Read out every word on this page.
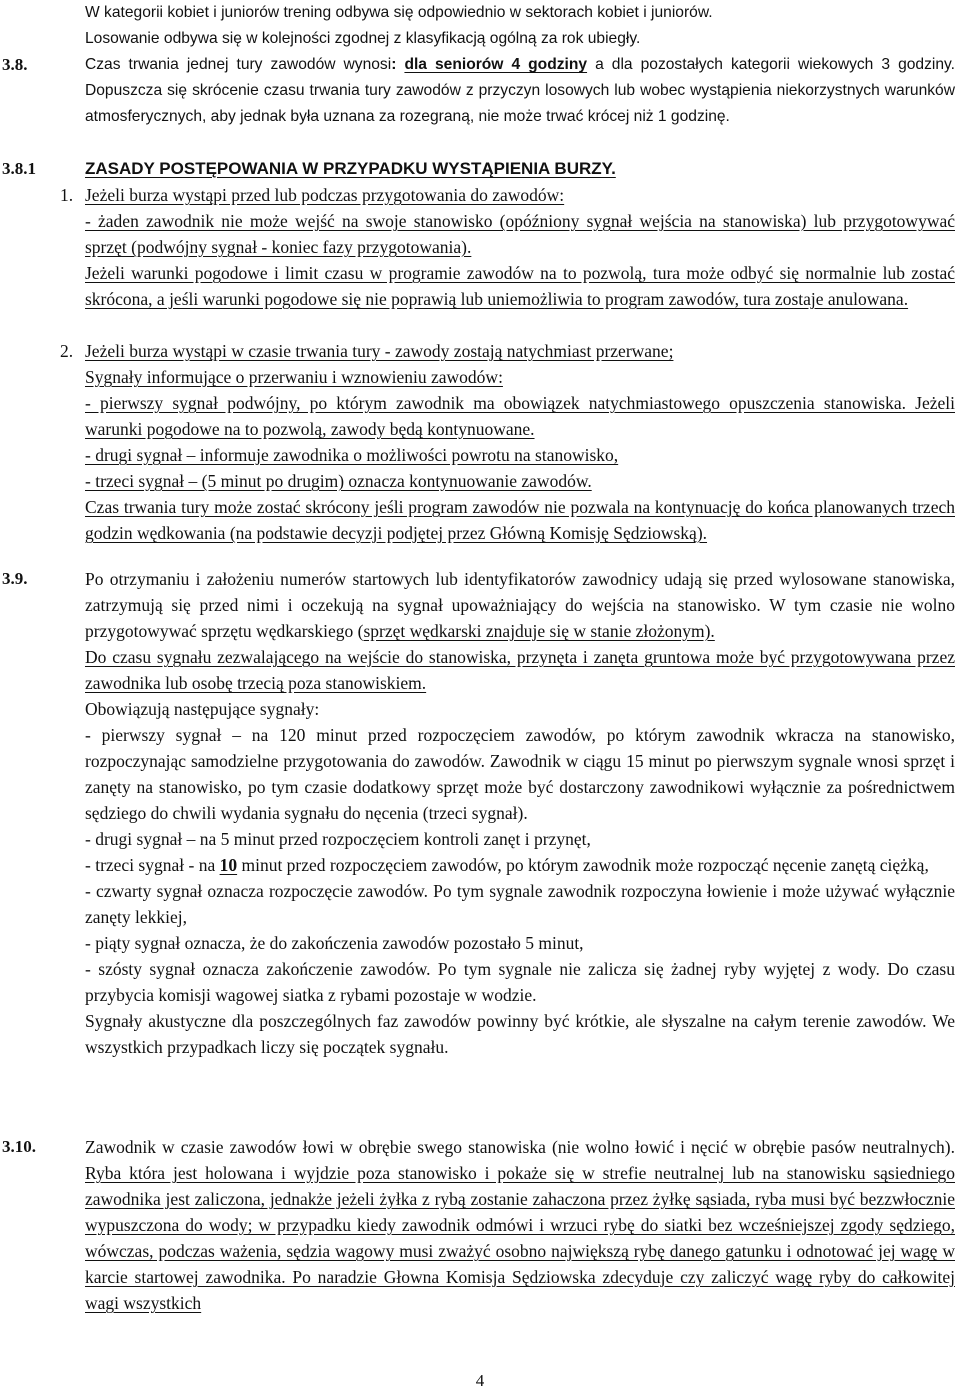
W kategorii kobiet i juniorów trening odbywa się odpowiednio w sektorach kobiet i juniorów.
Losowanie odbywa się w kolejności zgodnej z klasyfikacją ogólną za rok ubiegły.
3.8.	Czas trwania jednej tury zawodów wynosi: dla seniorów 4 godziny a dla pozostałych kategorii wiekowych 3 godziny. Dopuszcza się skrócenie czasu trwania tury zawodów z przyczyn losowych lub wobec wystąpienia niekorzystnych warunków atmosferycznych, aby jednak była uznana za rozegraną, nie może trwać krócej niż 1 godzinę.
3.8.1	ZASADY POSTĘPOWANIA W PRZYPADKU WYSTĄPIENIA BURZY.
1. Jeżeli burza wystąpi przed lub podczas przygotowania do zawodów:
- żaden zawodnik nie może wejść na swoje stanowisko (opóźniony sygnał wejścia na stanowiska) lub przygotowywać sprzęt (podwójny sygnał - koniec fazy przygotowania).
Jeżeli warunki pogodowe i limit czasu w programie zawodów na to pozwolą, tura może odbyć się normalnie lub zostać skrócona, a jeśli warunki pogodowe się nie poprawią lub uniemożliwia to program zawodów, tura zostaje anulowana.
2. Jeżeli burza wystąpi w czasie trwania tury - zawody zostają natychmiast przerwane;
Sygnały informujące o przerwaniu i wznowieniu zawodów:
- pierwszy sygnał podwójny, po którym zawodnik ma obowiązek natychmiastowego opuszczenia stanowiska. Jeżeli warunki pogodowe na to pozwolą, zawody będą kontynuowane.
- drugi sygnał – informuje zawodnika o możliwości powrotu na stanowisko,
- trzeci sygnał – (5 minut po drugim) oznacza kontynuowanie zawodów.
Czas trwania tury może zostać skrócony jeśli program zawodów nie pozwala na kontynuację do końca planowanych trzech godzin wędkowania (na podstawie decyzji podjętej przez Główną Komisję Sędziowską).
3.9.	Po otrzymaniu i założeniu numerów startowych lub identyfikatorów zawodnicy udają się przed wylosowane stanowiska, zatrzymują się przed nimi i oczekują na sygnał upoważniający do wejścia na stanowisko. W tym czasie nie wolno przygotowywać sprzętu wędkarskiego (sprzęt wędkarski znajduje się w stanie złożonym).
Do czasu sygnału zezwalającego na wejście do stanowiska, przynęta i zanęta gruntowa może być przygotowywana przez zawodnika lub osobę trzecią poza stanowiskiem.
Obowiązują następujące sygnały:
- pierwszy sygnał – na 120 minut przed rozpoczęciem zawodów, po którym zawodnik wkracza na stanowisko, rozpoczynając samodzielne przygotowania do zawodów. Zawodnik w ciągu 15 minut po pierwszym sygnale wnosi sprzęt i zanęty na stanowisko, po tym czasie dodatkowy sprzęt może być dostarczony zawodnikowi wyłącznie za pośrednictwem sędziego do chwili wydania sygnału do nęcenia (trzeci sygnał).
- drugi sygnał – na 5 minut przed rozpoczęciem kontroli zanęt i przynęt,
- trzeci sygnał - na 10 minut przed rozpoczęciem zawodów, po którym zawodnik może rozpocząć nęcenie zanętą ciężką,
- czwarty sygnał oznacza rozpoczęcie zawodów. Po tym sygnale zawodnik rozpoczyna łowienie i może używać wyłącznie zanęty lekkiej,
- piąty sygnał oznacza, że do zakończenia zawodów pozostało 5 minut,
- szósty sygnał oznacza zakończenie zawodów. Po tym sygnale nie zalicza się żadnej ryby wyjętej z wody. Do czasu przybycia komisji wagowej siatka z rybami pozostaje w wodzie.
Sygnały akustyczne dla poszczególnych faz zawodów powinny być krótkie, ale słyszalne na całym terenie zawodów. We wszystkich przypadkach liczy się początek sygnału.
3.10.	Zawodnik w czasie zawodów łowi w obrębie swego stanowiska (nie wolno łowić i nęcić w obrębie pasów neutralnych). Ryba która jest holowana i wyjdzie poza stanowisko i pokaże się w strefie neutralnej lub na stanowisku sąsiedniego zawodnika jest zaliczona, jednakże jeżeli żyłka z rybą zostanie zahaczona przez żyłkę sąsiada, ryba musi być bezzwłocznie wypuszczona do wody; w przypadku kiedy zawodnik odmówi i wrzuci rybę do siatki bez wcześniejszej zgody sędziego, wówczas, podczas ważenia, sędzia wagowy musi zważyć osobno największą rybę danego gatunku i odnotować jej wagę w karcie startowej zawodnika. Po naradzie Głowna Komisja Sędziowska zdecyduje czy zaliczyć wagę ryby do całkowitej wagi wszystkich
4
